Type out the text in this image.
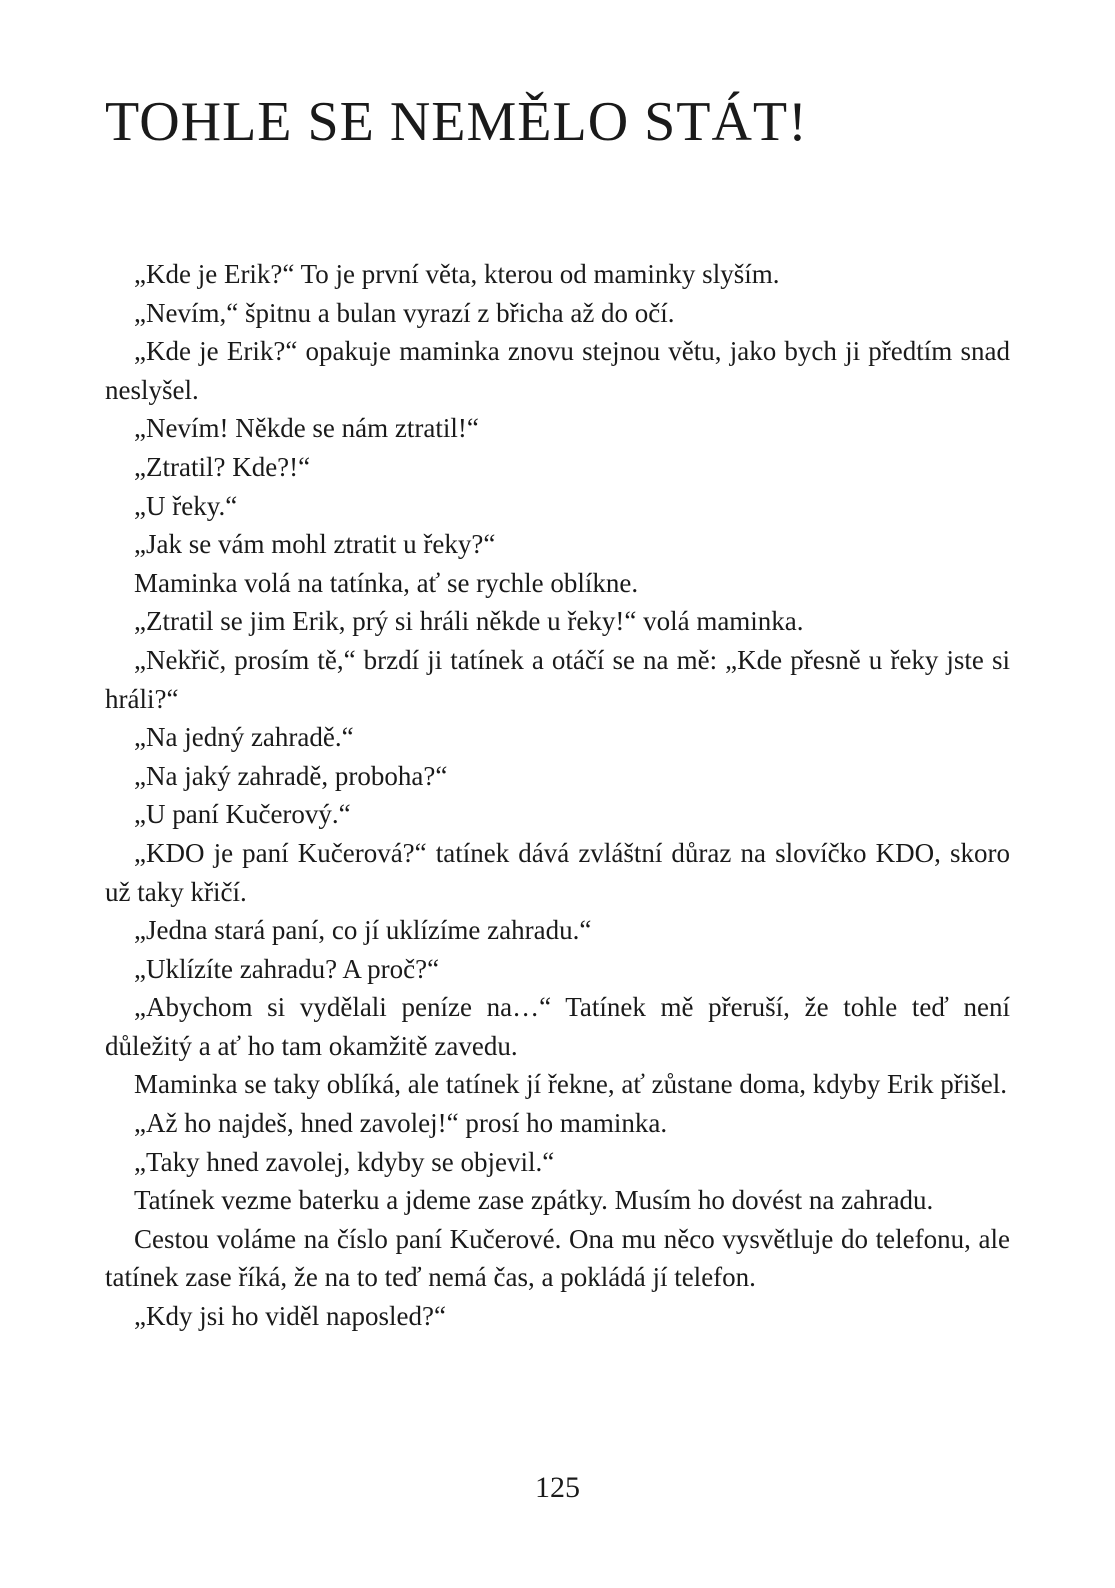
TOHLE SE NEMĚLO STÁT!

„Kde je Erik?“ To je první věta, kterou od maminky slyším.

„Nevím,“ špitnu a bulan vyrazí z břicha až do očí.

„Kde je Erik?“ opakuje maminka znovu stejnou větu, jako bych ji předtím snad neslyšel.

„Nevím! Někde se nám ztratil!“

„Ztratil? Kde?!“

„U řeky.“

„Jak se vám mohl ztratit u řeky?“

Maminka volá na tatínka, ať se rychle oblíkne.

„Ztratil se jim Erik, prý si hráli někde u řeky!“ volá maminka.

„Nekřič, prosím tě,“ brzdí ji tatínek a otáčí se na mě: „Kde přesně u řeky jste si hráli?“

„Na jedný zahradě.“

„Na jaký zahradě, proboha?“

„U paní Kučerový.“

„KDO je paní Kučerová?“ tatínek dává zvláštní důraz na slovíčko KDO, skoro už taky křičí.

„Jedna stará paní, co jí uklízíme zahradu.“

„Uklízíte zahradu? A proč?“

„Abychom si vydělali peníze na…“ Tatínek mě přeruší, že tohle teď není důležitý a ať ho tam okamžitě zavedu.

Maminka se taky oblíká, ale tatínek jí řekne, ať zůstane doma, kdyby Erik přišel.

„Až ho najdeš, hned zavolej!“ prosí ho maminka.

„Taky hned zavolej, kdyby se objevil.“

Tatínek vezme baterku a jdeme zase zpátky. Musím ho dovést na zahradu.

Cestou voláme na číslo paní Kučerové. Ona mu něco vysvětluje do telefonu, ale tatínek zase říká, že na to teď nemá čas, a pokládá jí telefon.

„Kdy jsi ho viděl naposled?“

125
